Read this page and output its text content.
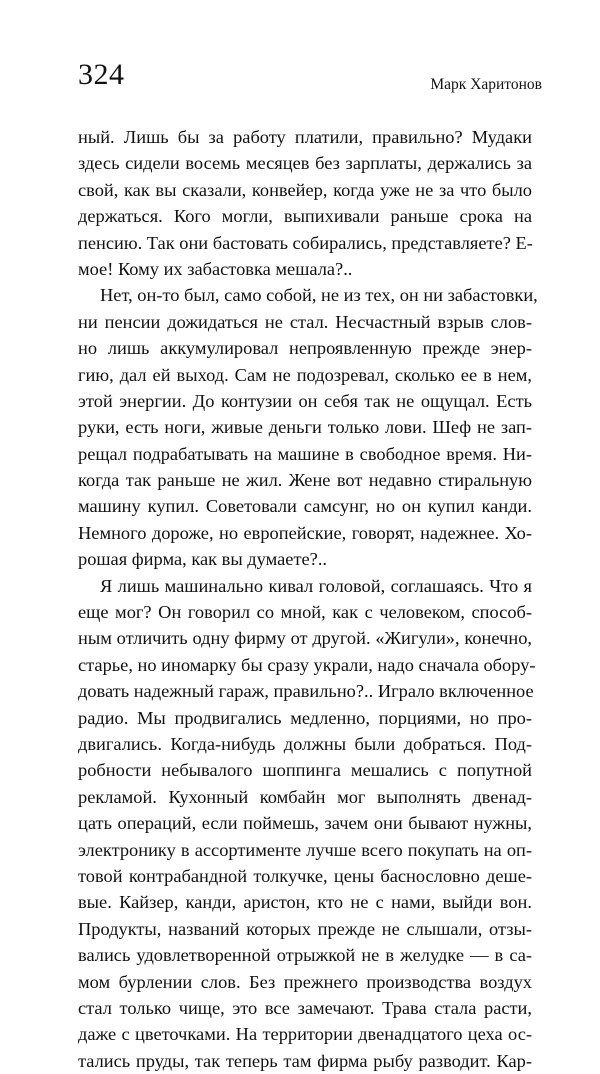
324	Марк Харитонов
ный. Лишь бы за работу платили, правильно? Мудаки
здесь сидели восемь месяцев без зарплаты, держались за
свой, как вы сказали, конвейер, когда уже не за что было
держаться. Кого могли, выпихивали раньше срока на
пенсию. Так они бастовать собирались, представляете? Е-
мое! Кому их забастовка мешала?..
Нет, он-то был, само собой, не из тех, он ни забастовки,
ни пенсии дожидаться не стал. Несчастный взрыв слов-
но лишь аккумулировал непроявленную прежде энер-
гию, дал ей выход. Сам не подозревал, сколько ее в нем,
этой энергии. До контузии он себя так не ощущал. Есть
руки, есть ноги, живые деньги только лови. Шеф не зап-
рещал подрабатывать на машине в свободное время. Ни-
когда так раньше не жил. Жене вот недавно стиральную
машину купил. Советовали самсунг, но он купил канди.
Немного дороже, но европейские, говорят, надежнее. Хо-
рошая фирма, как вы думаете?..
Я лишь машинально кивал головой, соглашаясь. Что я
еще мог? Он говорил со мной, как с человеком, способ-
ным отличить одну фирму от другой. «Жигули», конечно,
старье, но иномарку бы сразу украли, надо сначала обору-
довать надежный гараж, правильно?.. Играло включенное
радио. Мы продвигались медленно, порциями, но про-
двигались. Когда-нибудь должны были добраться. Под-
робности небывалого шоппинга мешались с попутной
рекламой. Кухонный комбайн мог выполнять двенад-
цать операций, если поймешь, зачем они бывают нужны,
электронику в ассортименте лучше всего покупать на оп-
товой контрабандной толкучке, цены баснословно деше-
вые. Кайзер, канди, аристон, кто не с нами, выйди вон.
Продукты, названий которых прежде не слышали, отзы-
вались удовлетворенной отрыжкой не в желудке — в са-
мом бурлении слов. Без прежнего производства воздух
стал только чище, это все замечают. Трава стала расти,
даже с цветочками. На территории двенадцатого цеха ос-
тались пруды, так теперь там фирма рыбу разводит. Кар-
